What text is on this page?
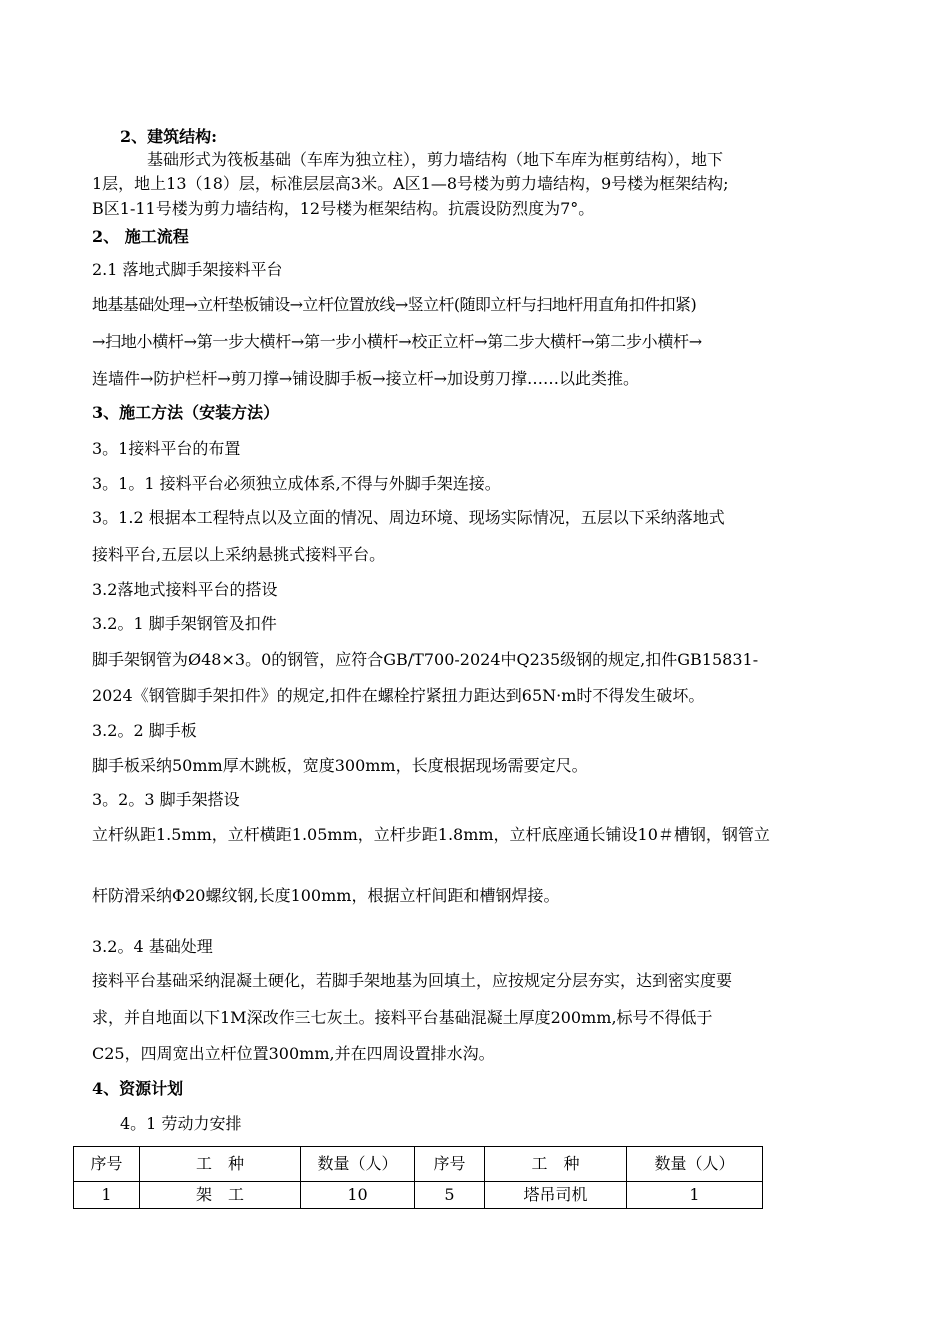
2、建筑结构:
基础形式为筏板基础（车库为独立柱），剪力墙结构（地下车库为框剪结构），地下
1层，地上13（18）层，标准层层高3米。A区1—8号楼为剪力墙结构，9号楼为框架结构;
B区1-11号楼为剪力墙结构，12号楼为框架结构。抗震设防烈度为7°。
2、 施工流程
2.1 落地式脚手架接料平台
地基基础处理→立杆垫板铺设→立杆位置放线→竖立杆(随即立杆与扫地杆用直角扣件扣紧)
→扫地小横杆→第一步大横杆→第一步小横杆→校正立杆→第二步大横杆→第二步小横杆→
连墙件→防护栏杆→剪刀撑→铺设脚手板→接立杆→加设剪刀撑……以此类推。
3、施工方法（安装方法）
3。1接料平台的布置
3。1。1 接料平台必须独立成体系,不得与外脚手架连接。
3。1.2 根据本工程特点以及立面的情况、周边环境、现场实际情况，五层以下采纳落地式
接料平台,五层以上采纳悬挑式接料平台。
3.2落地式接料平台的搭设
3.2。1 脚手架钢管及扣件
脚手架钢管为Ø48×3。0的钢管，应符合GB/T700-2024中Q235级钢的规定,扣件GB15831-
2024《钢管脚手架扣件》的规定,扣件在螺栓拧紧扭力距达到65N·m时不得发生破坏。
3.2。2 脚手板
脚手板采纳50mm厚木跳板，宽度300mm，长度根据现场需要定尺。
3。2。3 脚手架搭设
立杆纵距1.5mm，立杆横距1.05mm，立杆步距1.8mm，立杆底座通长铺设10＃槽钢，钢管立
杆防滑采纳Φ20螺纹钢,长度100mm，根据立杆间距和槽钢焊接。
3.2。4 基础处理
接料平台基础采纳混凝土硬化，若脚手架地基为回填土，应按规定分层夯实，达到密实度要
求，并自地面以下1M深改作三七灰土。接料平台基础混凝土厚度200mm,标号不得低于
C25，四周宽出立杆位置300mm,并在四周设置排水沟。
4、资源计划
4。1 劳动力安排
序号	工　种	数量（人）	序号	工　种	数量（人）
1	架　工	10	5	塔吊司机	1
